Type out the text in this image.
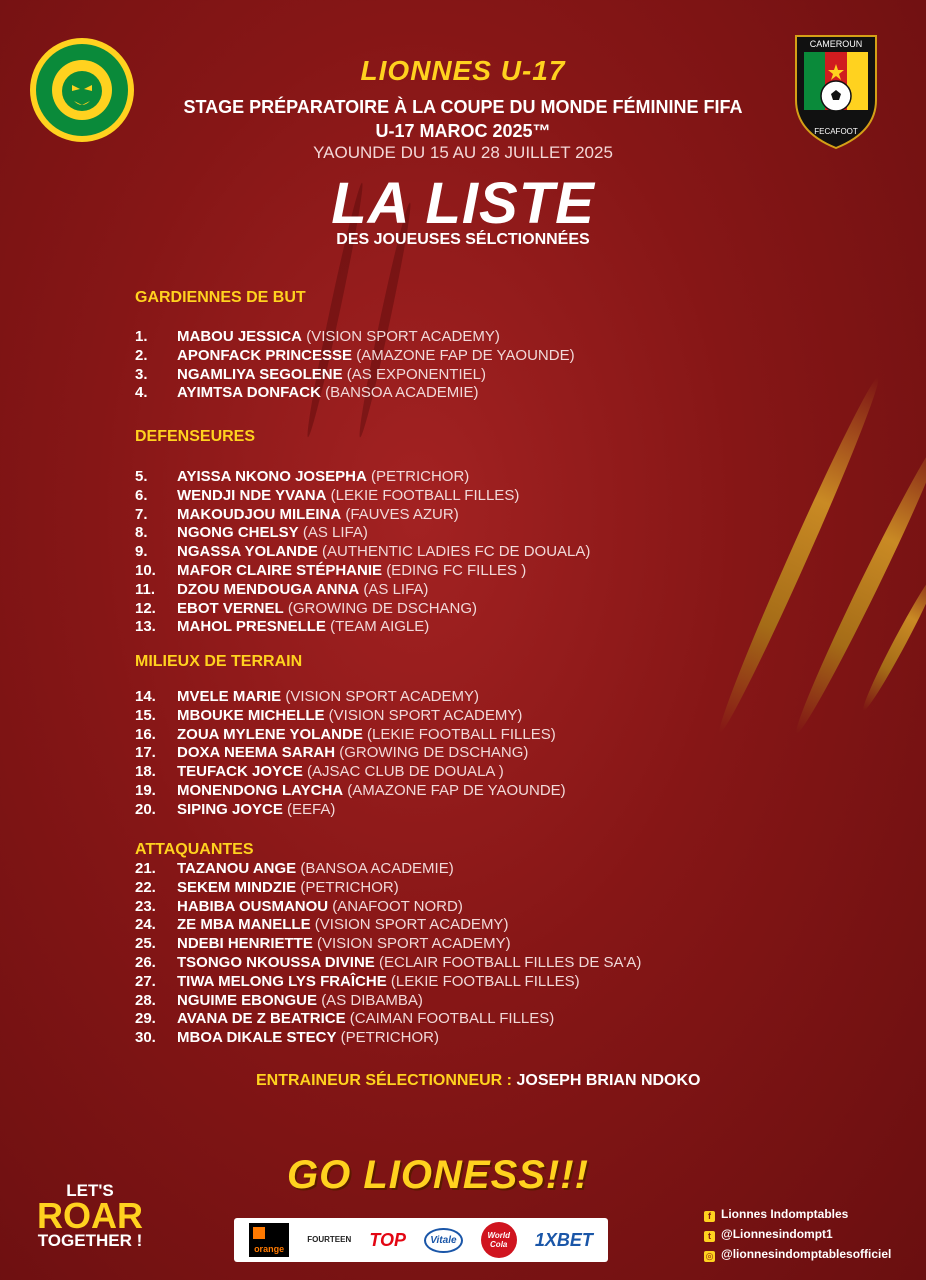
CAMEROUN
FECAFOOT
LIONNES U-17
STAGE PRÉPARATOIRE À LA COUPE DU MONDE FÉMININE FIFA
U-17 MAROC 2025™
YAOUNDE DU 15 AU 28 JUILLET 2025
LA LISTE
DES JOUEUSES SÉLCTIONNÉES
GARDIENNES DE BUT
1. MABOU JESSICA (VISION SPORT ACADEMY)
2. APONFACK PRINCESSE (AMAZONE FAP DE YAOUNDE)
3. NGAMLIYA SEGOLENE (AS EXPONENTIEL)
4. AYIMTSA DONFACK (BANSOA ACADEMIE)
DEFENSEURES
5. AYISSA NKONO JOSEPHA (PETRICHOR)
6. WENDJI NDE YVANA (LEKIE FOOTBALL FILLES)
7. MAKOUDJOU MILEINA (FAUVES AZUR)
8. NGONG CHELSY (AS LIFA)
9. NGASSA YOLANDE (AUTHENTIC LADIES FC DE DOUALA)
10. MAFOR CLAIRE STÉPHANIE (EDING FC FILLES )
11. DZOU MENDOUGA ANNA (AS LIFA)
12. EBOT VERNEL (GROWING DE DSCHANG)
13. MAHOL PRESNELLE (TEAM AIGLE)
MILIEUX DE TERRAIN
14. MVELE MARIE (VISION SPORT ACADEMY)
15. MBOUKE MICHELLE (VISION SPORT ACADEMY)
16. ZOUA MYLENE YOLANDE (LEKIE FOOTBALL FILLES)
17. DOXA NEEMA SARAH (GROWING DE DSCHANG)
18. TEUFACK JOYCE (AJSAC CLUB DE DOUALA )
19. MONENDONG LAYCHA (AMAZONE FAP DE YAOUNDE)
20. SIPING JOYCE (EEFA)
ATTAQUANTES
21. TAZANOU ANGE (BANSOA ACADEMIE)
22. SEKEM MINDZIE (PETRICHOR)
23. HABIBA OUSMANOU (ANAFOOT NORD)
24. ZE MBA MANELLE (VISION SPORT ACADEMY)
25. NDEBI HENRIETTE (VISION SPORT ACADEMY)
26. TSONGO NKOUSSA DIVINE (ECLAIR FOOTBALL FILLES DE SA'A)
27. TIWA MELONG LYS FRAÎCHE (LEKIE FOOTBALL FILLES)
28. NGUIME EBONGUE (AS DIBAMBA)
29. AVANA DE Z BEATRICE (CAIMAN FOOTBALL FILLES)
30. MBOA DIKALE STECY (PETRICHOR)
ENTRAINEUR SÉLECTIONNEUR : JOSEPH BRIAN NDOKO
LET'S
ROAR
TOGETHER !
GO LIONESS!!!
orange
FOURTEEN TOP	Vitale	World Cola	1XBET
f Lionnes Indomptables
t @Lionnesindompt1
◎ @lionnesindomptablesofficiel
